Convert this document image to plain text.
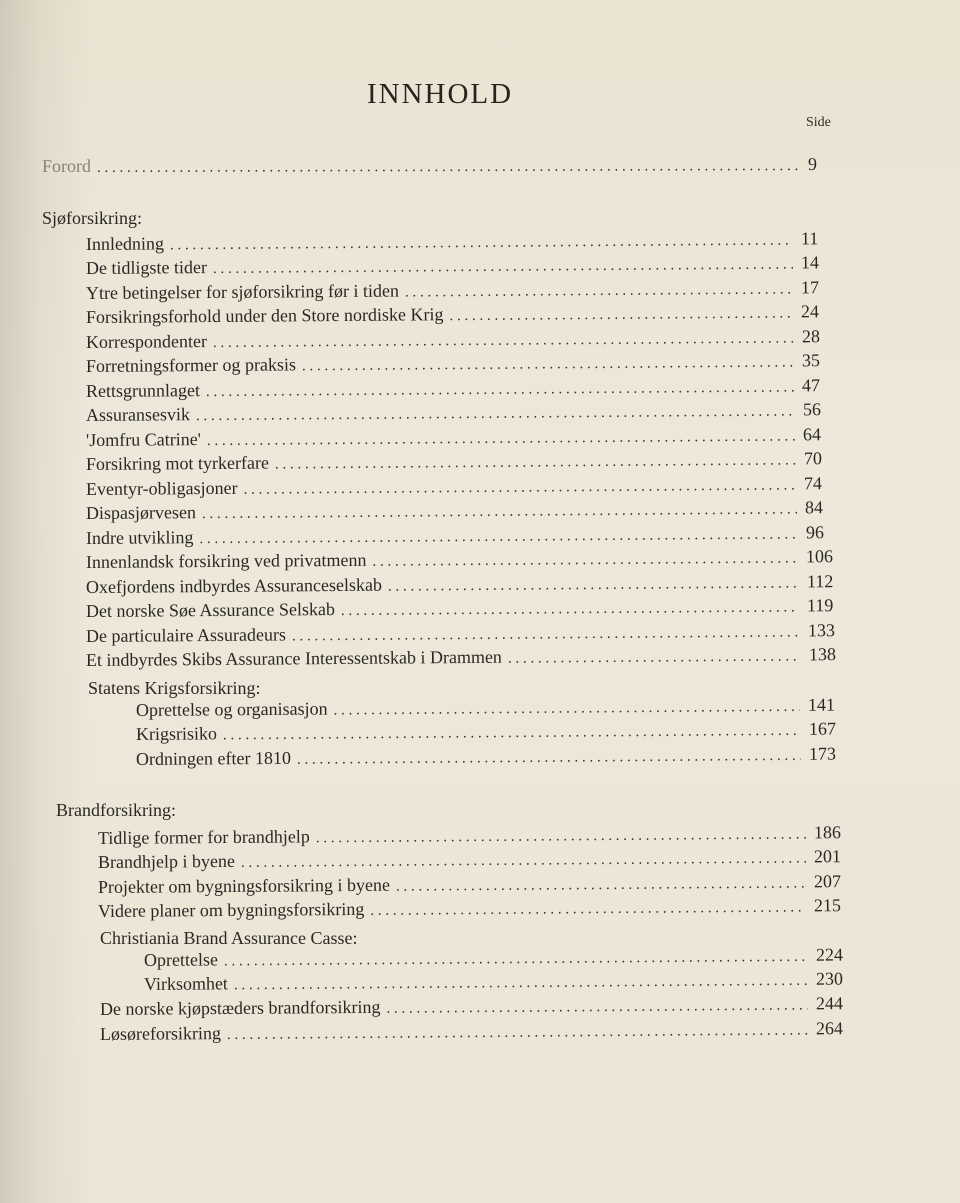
INNHOLD
Side
Forord . . .	9
Sjøforsikring:
Innledning . . .	11
De tidligste tider . . .	14
Ytre betingelser for sjøforsikring før i tiden . . .	17
Forsikringsforhold under den Store nordiske Krig . . .	24
Korrespondenter . . .	28
Forretningsformer og praksis . . .	35
Rettsgrunnlaget . . .	47
Assuransesvik . . .	56
'Jomfru Catrine' . . .	64
Forsikring mot tyrkerfare . . .	70
Eventyr-obligasjoner . . .	74
Dispasjørvesen . . .	84
Indre utvikling . . .	96
Innenlandsk forsikring ved privatmenn . . .	106
Oxefjordens indbyrdes Assuranceselskab . . .	112
Det norske Søe Assurance Selskab . . .	119
De particulaire Assuradeurs . . .	133
Et indbyrdes Skibs Assurance Interessentskab i Drammen . . .	138
Statens Krigsforsikring:
Oprettelse og organisasjon . . .	141
Krigsrisiko . . .	167
Ordningen efter 1810 . . .	173
Brandforsikring:
Tidlige former for brandhjelp . . .	186
Brandhjelp i byene . . .	201
Projekter om bygningsforsikring i byene . . .	207
Videre planer om bygningsforsikring . . .	215
Christiania Brand Assurance Casse:
Oprettelse . . .	224
Virksomhet . . .	230
De norske kjøpstæders brandforsikring . . .	244
Løsøreforsikring . . .	264
